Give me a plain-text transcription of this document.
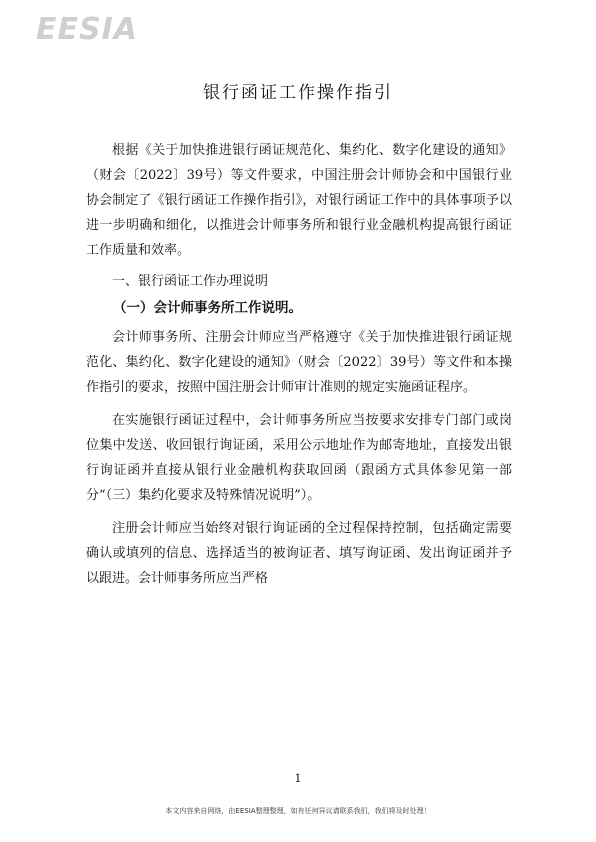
EESIA
银行函证工作操作指引

根据《关于加快推进银行函证规范化、集约化、数字化建设的通知》（财会〔2022〕39号）等文件要求，中国注册会计师协会和中国银行业协会制定了《银行函证工作操作指引》，对银行函证工作中的具体事项予以进一步明确和细化，以推进会计师事务所和银行业金融机构提高银行函证工作质量和效率。

一、银行函证工作办理说明
（一）会计师事务所工作说明。

会计师事务所、注册会计师应当严格遵守《关于加快推进银行函证规范化、集约化、数字化建设的通知》（财会〔2022〕39号）等文件和本操作指引的要求，按照中国注册会计师审计准则的规定实施函证程序。

在实施银行函证过程中，会计师事务所应当按要求安排专门部门或岗位集中发送、收回银行询证函，采用公示地址作为邮寄地址，直接发出银行询证函并直接从银行业金融机构获取回函（跟函方式具体参见第一部分“（三）集约化要求及特殊情况说明”）。

注册会计师应当始终对银行询证函的全过程保持控制，包括确定需要确认或填列的信息、选择适当的被询证者、填写询证函、发出询证函并予以跟进。会计师事务所应当严格

1
本文内容来自网络，由EESIA整理整理，如有任何异议请联系我们，我们将及时处理！
